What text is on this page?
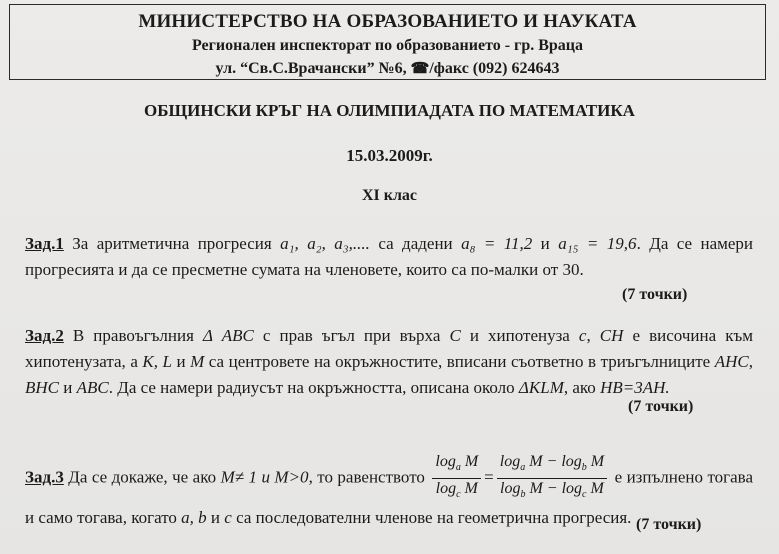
МИНИСТЕРСТВО НА ОБРАЗОВАНИЕТО И НАУКАТА
Регионален инспекторат по образованието - гр. Враца
ул. “Св.С.Врачански” №6, ☎/факс (092) 624643
ОБЩИНСКИ КРЪГ НА ОЛИМПИАДАТА ПО МАТЕМАТИКА
15.03.2009г.
XI клас
Зад.1 За аритметична прогресия a₁, a₂, a₃,.... са дадени a₈ = 11,2 и a₁₅ = 19,6. Да се намери прогресията и да се пресметне сумата на членовете, които са по-малки от 30.
(7 точки)
Зад.2 В правоъгълния Δ ABC с прав ъгъл при върха C и хипотенуза c, CH е височина към хипотенузата, а K, L и M са центровете на окръжностите, вписани съответно в триъгълниците AHC, BHC и ABC. Да се намери радиусът на окръжността, описана около ΔKLM, ако HB=3AH.
(7 точки)
Зад.3 Да се докаже, че ако M≠ 1 и M>0, то равенството $\frac{\log_a M}{\log_c M} = \frac{\log_a M - \log_b M}{\log_b M - \log_c M}$ е изпълнено тогава и само тогава, когато a, b и c са последователни членове на геометрична прогресия. (7 точки)
